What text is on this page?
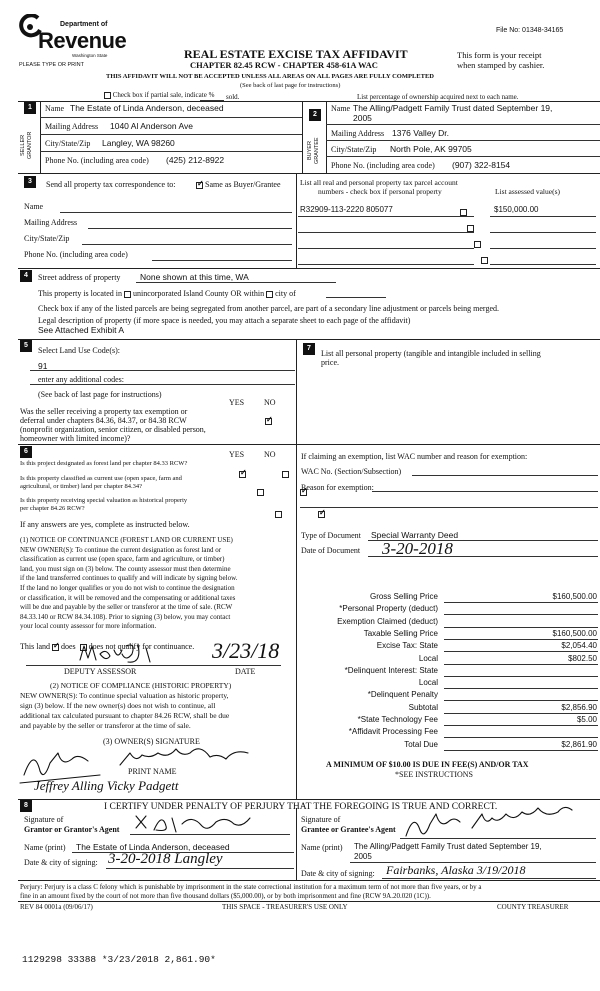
File No: 01348-34165
Department of
Revenue
Washington State
PLEASE TYPE OR PRINT
REAL ESTATE EXCISE TAX AFFIDAVIT
CHAPTER 82.45 RCW - CHAPTER 458-61A WAC
This form is your receipt
when stamped by cashier.
THIS AFFIDAVIT WILL NOT BE ACCEPTED UNLESS ALL AREAS ON ALL PAGES ARE FULLY COMPLETED
(See back of last page for instructions)
Check box if partial sale, indicate % sold.	List percentage of ownership acquired next to each name.
1
SELLER GRANTOR
Name The Estate of Linda Anderson, deceased
Mailing Address 1040 Al Anderson Ave
City/State/Zip Langley, WA 98260
Phone No. (including area code) (425) 212-8922
2
BUYER GRANTEE
Name The Alling/Padgett Family Trust dated September 19,
2005
Mailing Address 1376 Valley Dr.
City/State/Zip North Pole, AK 99705
Phone No. (including area code) (907) 322-8154
3	Send all property tax correspondence to: ✓	Same as Buyer/Grantee
Name
Mailing Address
City/State/Zip
Phone No. (including area code)
List all real and personal property tax parcel account
numbers - check box if personal property	List assessed value(s)
R32909-113-2220 805077	$150,000.00
4	Street address of property None shown at this time, WA
This property is located in unincorporated Island County OR within city of
Check box if any of the listed parcels are being segregated from another parcel, are part of a secondary line adjustment or parcels being merged.
Legal description of property (if more space is needed, you may attach a separate sheet to each page of the affidavit)
See Attached Exhibit A
5
Select Land Use Code(s):
91
enter any additional codes:
(See back of last page for instructions)
YES NO
Was the seller receiving a property tax exemption or
deferral under chapters 84.36, 84.37, or 84.38 RCW
(nonprofit organization, senior citizen, or disabled person,
homeowner with limited income)?
✓
7
List all personal property (tangible and intangible included in selling
price.
6	YES NO
Is this project designated as forest land per chapter 84.33 RCW?
✓
Is this property classified as current use (open space, farm and
agricultural, or timber) land per chapter 84.34?
✓
Is this property receiving special valuation as historical property
per chapter 84.26 RCW?
✓
If any answers are yes, complete as instructed below.
(1) NOTICE OF CONTINUANCE (FOREST LAND OR CURRENT USE)
NEW OWNER(S): To continue the current designation as forest land or
classification as current use (open space, farm and agriculture, or timber)
land, you must sign on (3) below. The county assessor must then determine
if the land transferred continues to qualify and will indicate by signing below.
If the land no longer qualifies or you do not wish to continue the designation
or classification, it will be removed and the compensating or additional taxes
will be due and payable by the seller or transferor at the time of sale. (RCW
84.33.140 or RCW 84.34.108). Prior to signing (3) below, you may contact
your local county assessor for more information.
This land ✓ does does not qualify for continuance. 3/23/18
DEPUTY ASSESSOR	DATE
(2) NOTICE OF COMPLIANCE (HISTORIC PROPERTY)
NEW OWNER(S): To continue special valuation as historic property,
sign (3) below. If the new owner(s) does not wish to continue, all
additional tax calculated pursuant to chapter 84.26 RCW, shall be due
and payable by the seller or transferor at the time of sale.
(3) OWNER(S) SIGNATURE
PRINT NAME
Jeffrey Alling Vicky Padgett
If claiming an exemption, list WAC number and reason for exemption:
WAC No. (Section/Subsection)
Reason for exemption:
Type of Document Special Warranty Deed
Date of Document 3-20-2018
Gross Selling Price	$160,500.00
*Personal Property (deduct)
Exemption Claimed (deduct)
Taxable Selling Price	$160,500.00
Excise Tax: State	$2,054.40
Local	$802.50
*Delinquent Interest: State
Local
*Delinquent Penalty
Subtotal	$2,856.90
*State Technology Fee	$5.00
*Affidavit Processing Fee
Total Due	$2,861.90
A MINIMUM OF $10.00 IS DUE IN FEE(S) AND/OR TAX
*SEE INSTRUCTIONS
8	I CERTIFY UNDER PENALTY OF PERJURY THAT THE FOREGOING IS TRUE AND CORRECT.
Signature of
Grantor or Grantor's Agent
Name (print) The Estate of Linda Anderson, deceased
Date & city of signing: 3-20-2018 Langley
Signature of
Grantee or Grantee's Agent
Name (print) The Alling/Padgett Family Trust dated September 19,
2005
Date & city of signing: Fairbanks, Alaska 3/19/2018
Perjury: Perjury is a class C felony which is punishable by imprisonment in the state correctional institution for a maximum term of not more than five years, or by a
fine in an amount fixed by the court of not more than five thousand dollars ($5,000.00), or by both imprisonment and fine (RCW 9A.20.020 (1C)).
REV 84 0001a (09/06/17)	THIS SPACE - TREASURER'S USE ONLY	COUNTY TREASURER
1129298 33388 *3/23/2018 2,861.90*
